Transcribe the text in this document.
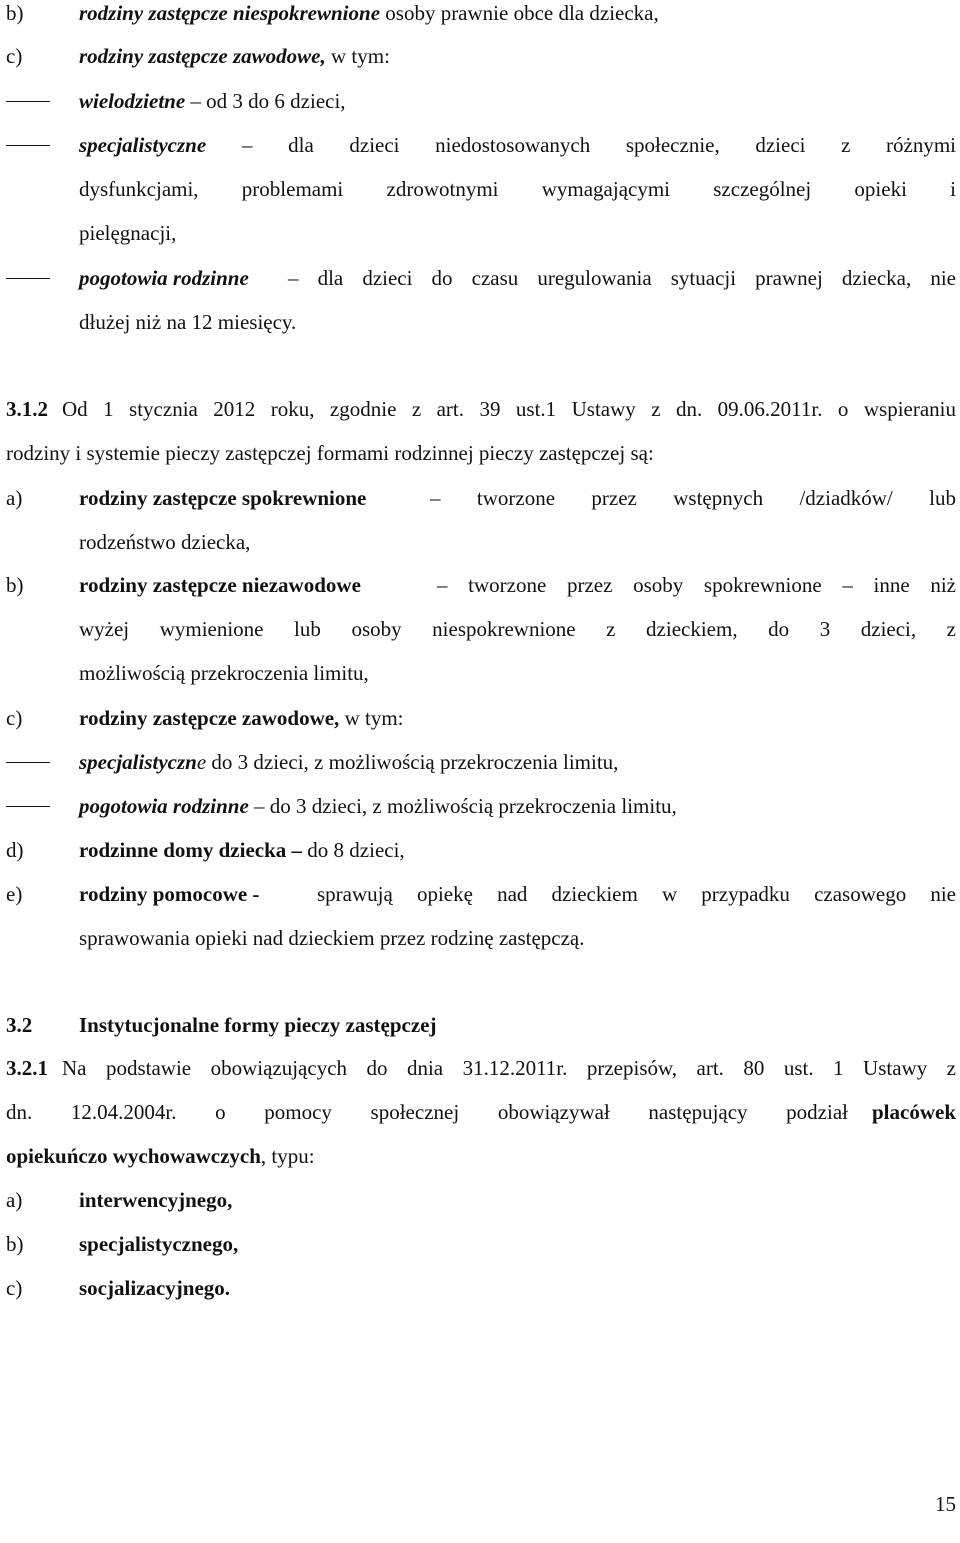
b)	rodziny zastępcze niespokrewnione osoby prawnie obce dla dziecka,
c)	rodziny zastępcze zawodowe, w tym:
wielodzietne – od 3 do 6 dzieci,
specjalistyczne – dla dzieci niedostosowanych społecznie, dzieci z różnymi
dysfunkcjami, problemami zdrowotnymi wymagającymi szczególnej opieki i
pielęgnacji,
pogotowia rodzinne – dla dzieci do czasu uregulowania sytuacji prawnej dziecka, nie
dłużej niż na 12 miesięcy.
3.1.2 Od 1 stycznia 2012 roku, zgodnie z art. 39 ust.1 Ustawy z dn. 09.06.2011r. o wspieraniu
rodziny i systemie pieczy zastępczej formami rodzinnej pieczy zastępczej są:
a)	rodziny zastępcze spokrewnione	– tworzone przez wstępnych /dziadków/ lub
rodzeństwo dziecka,
b)	rodziny zastępcze niezawodowe	– tworzone przez osoby spokrewnione – inne niż
wyżej wymienione lub osoby niespokrewnione z dzieckiem, do 3 dzieci, z
możliwością przekroczenia limitu,
c)	rodziny zastępcze zawodowe, w tym:
specjalistyczne do 3 dzieci, z możliwością przekroczenia limitu,
pogotowia rodzinne – do 3 dzieci, z możliwością przekroczenia limitu,
d)	rodzinne domy dziecka – do 8 dzieci,
e)	rodziny pomocowe -	sprawują opiekę nad dzieckiem w przypadku czasowego nie
sprawowania opieki nad dzieckiem przez rodzinę zastępczą.
3.2 Instytucjonalne formy pieczy zastępczej
3.2.1 Na podstawie obowiązujących do dnia 31.12.2011r. przepisów, art. 80 ust. 1 Ustawy z
dn. 12.04.2004r. o pomocy społecznej obowiązywał następujący podział placówek
opiekuńczo wychowawczych, typu:
a)	interwencyjnego,
b)	specjalistycznego,
c)	socjalizacyjnego.
15
